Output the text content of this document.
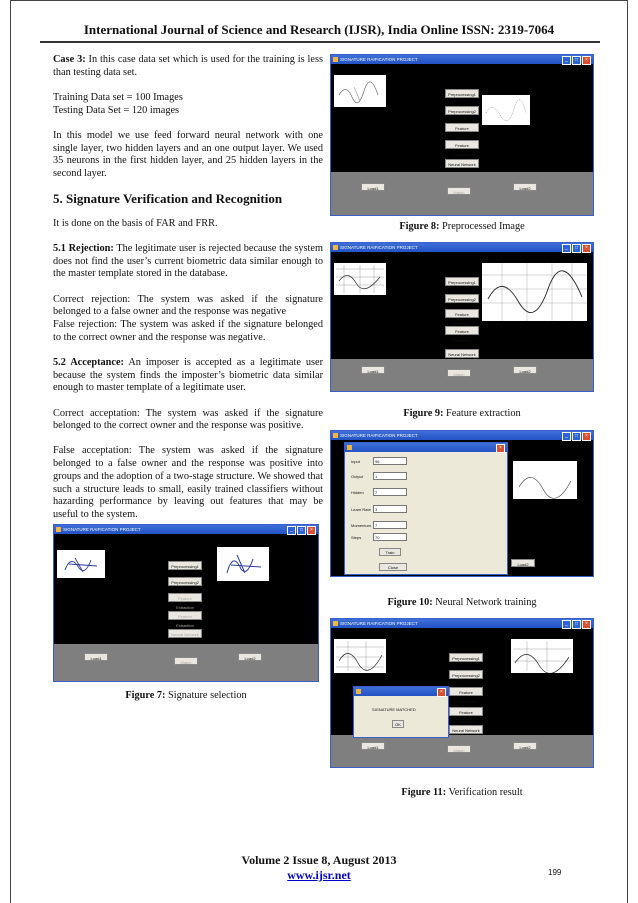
International Journal of Science and Research (IJSR), India Online ISSN: 2319-7064

Case 3: In this case data set which is used for the training is less than testing data set.

Training Data set = 100 Images

Testing Data Set = 120 images

In this model we use feed forward neural network with one single layer, two hidden layers and an one output layer. We used 35 neurons in the first hidden layer, and 25 hidden layers in the second layer.

5. Signature Verification and Recognition

It is done on the basis of FAR and FRR.

5.1 Rejection: The legitimate user is rejected because the system does not find the user’s current biometric data similar enough to the master template stored in the database.

Correct rejection: The system was asked if the signature belonged to a false owner and the response was negative

False rejection: The system was asked if the signature belonged to the correct owner and the response was negative.

5.2 Acceptance: An imposer is accepted as a legitimate user because the system finds the imposter’s biometric data similar enough to master template of a legitimate user.

Correct acceptation: The system was asked if the signature belonged to the correct owner and the response was positive.

False acceptation: The system was asked if the signature belonged to a false owner and the response was positive into groups and the adoption of a two-stage structure. We showed that such a structure leads to small, easily trained classifiers without hazarding performance by leaving out features that may be useful to the system.

SIGNATURE RAIFICATION PROJECT	_	□	×
Preprocessing1
Preprocessing2
Feature Extraction
Feature Extraction
Neural Network
Load1
Match
Load2
Figure 8: Preprocessed Image
SIGNATURE RAIFICATION PROJECT	_	□	×
Preprocessing1
Preprocessing2
Feature Extraction
Feature Extraction
Neural Network
Load1
Match
Load2
Figure 9: Feature extraction
SIGNATURE RAIFICATION PROJECT	_	□	×
Load2
×
Input	96
Output	1
Hidden	7
Learn Rate	3
Momentum 7
Steps	70
Train
Close
Figure 10: Neural Network training
SIGNATURE RAIFICATION PROJECT	_	□	×
Preprocessing1
Preprocessing2
Feature Extraction
Feature Extraction
Neural Network
Load1
Match
Load2
×
SIGNATURE MATCHED
OK
Figure 11: Verification result
SIGNATURE RAIFICATION PROJECT	_	□	×
Preprocessing1
Preprocessing2
Feature Extraction
Feature Extraction
Neural Network
Load1
Match
Load2
Figure 7: Signature selection
Volume 2 Issue 8, August 2013
www.ijsr.net	199
